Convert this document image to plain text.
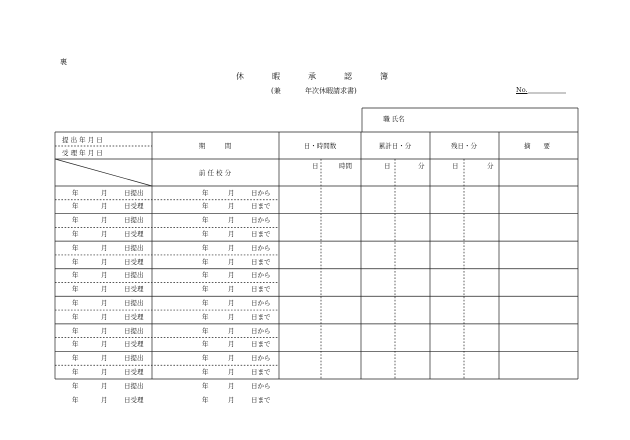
裏
休	暇	承	認	簿
(兼	年次休暇請求書)	No.
職 氏名
提 出 年 月 日
受 理 年 月 日
期　　　間	日・時間数	累計日・分	残日・分	摘　　要
前 任 校 分
日	時間	日	分	日	分
年	月	日提出	年	月	日から
年	月	日受理	年	月	日まで
年	月	日提出	年	月	日から
年	月	日受理	年	月	日まで
年	月	日提出	年	月	日から
年	月	日受理	年	月	日まで
年	月	日提出	年	月	日から
年	月	日受理	年	月	日まで
年	月	日提出	年	月	日から
年	月	日受理	年	月	日まで
年	月	日提出	年	月	日から
年	月	日受理	年	月	日まで
年	月	日提出	年	月	日から
年	月	日受理	年	月	日まで
年	月	日提出	年	月	日から
年	月	日受理	年	月	日まで
